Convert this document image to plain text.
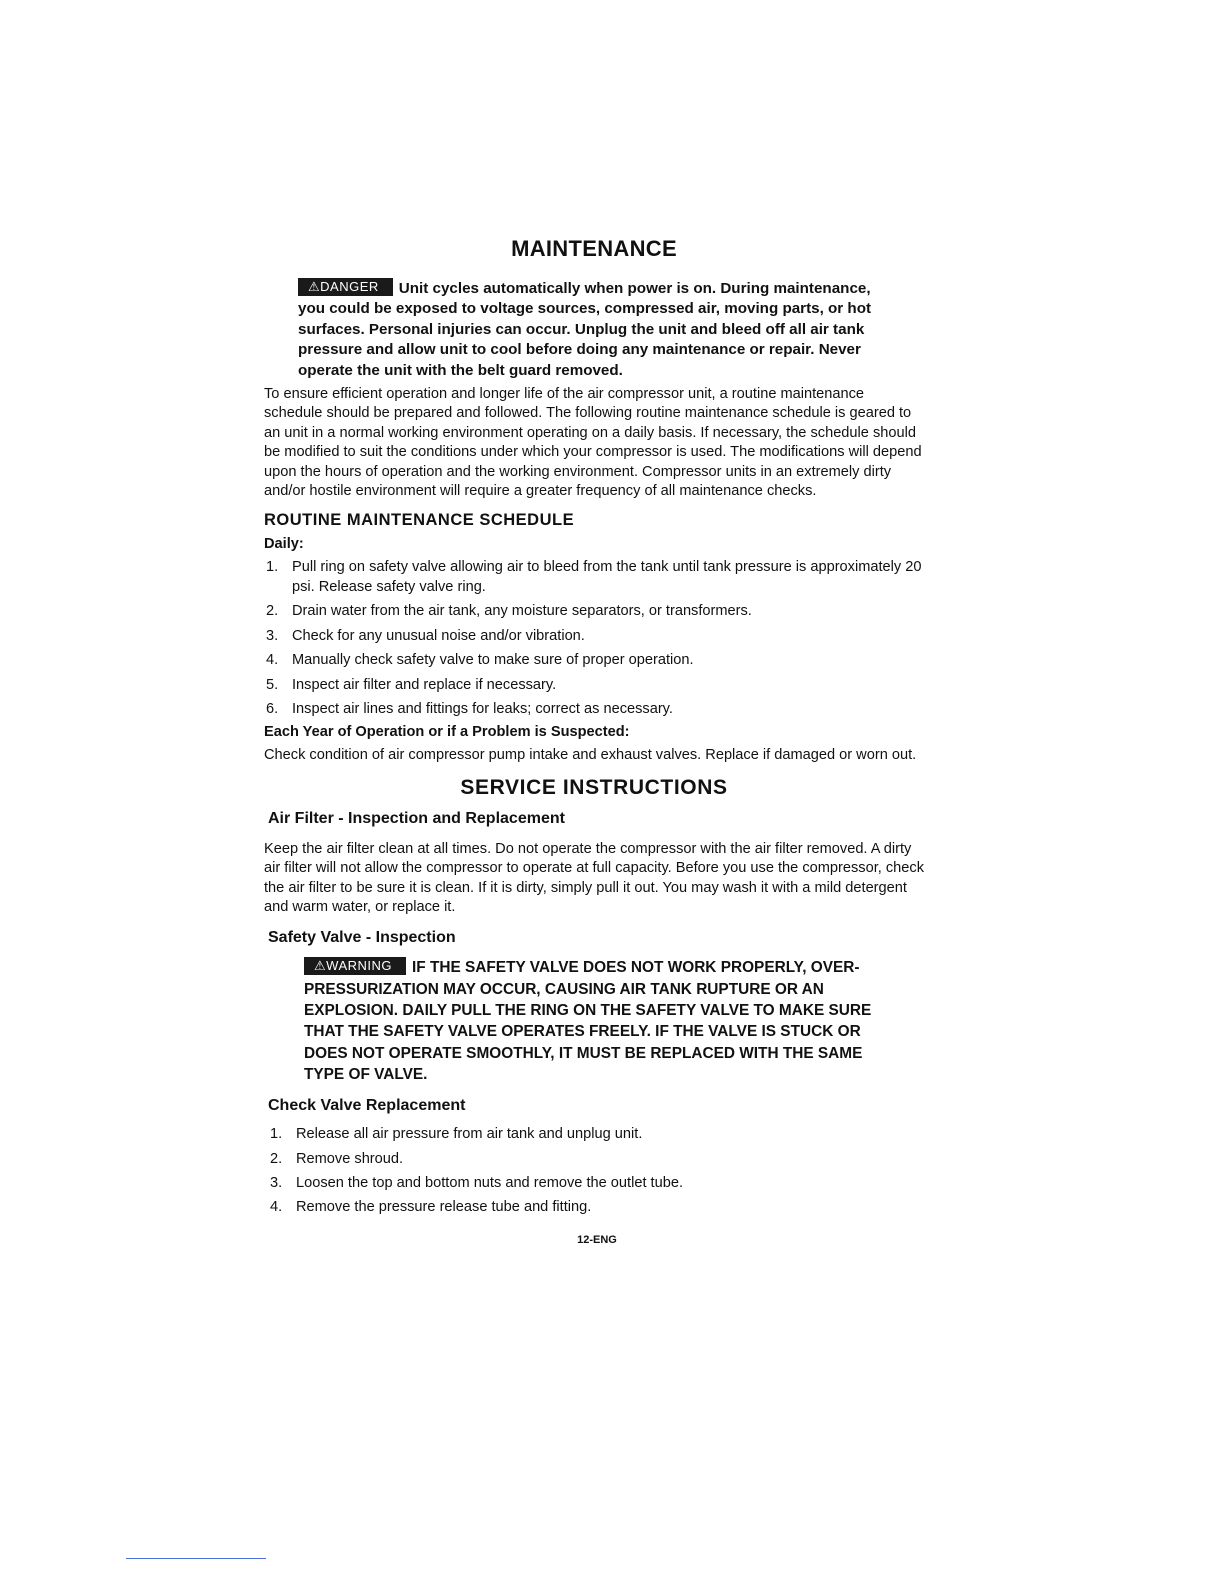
MAINTENANCE
⚠DANGER Unit cycles automatically when power is on. During maintenance, you could be exposed to voltage sources, compressed air, moving parts, or hot surfaces. Personal injuries can occur. Unplug the unit and bleed off all air tank pressure and allow unit to cool before doing any maintenance or repair. Never operate the unit with the belt guard removed.

To ensure efficient operation and longer life of the air compressor unit, a routine maintenance schedule should be prepared and followed. The following routine maintenance schedule is geared to an unit in a normal working environment operating on a daily basis. If necessary, the schedule should be modified to suit the conditions under which your compressor is used. The modifications will depend upon the hours of operation and the working environment. Compressor units in an extremely dirty and/or hostile environment will require a greater frequency of all maintenance checks.

ROUTINE MAINTENANCE SCHEDULE
Daily:
1. Pull ring on safety valve allowing air to bleed from the tank until tank pressure is approximately 20 psi. Release safety valve ring.
2. Drain water from the air tank, any moisture separators, or transformers.
3. Check for any unusual noise and/or vibration.
4. Manually check safety valve to make sure of proper operation.
5. Inspect air filter and replace if necessary.
6. Inspect air lines and fittings for leaks; correct as necessary.
Each Year of Operation or if a Problem is Suspected:

Check condition of air compressor pump intake and exhaust valves. Replace if damaged or worn out.

SERVICE INSTRUCTIONS
Air Filter - Inspection and Replacement

Keep the air filter clean at all times. Do not operate the compressor with the air filter removed. A dirty air filter will not allow the compressor to operate at full capacity. Before you use the compressor, check the air filter to be sure it is clean. If it is dirty, simply pull it out. You may wash it with a mild detergent and warm water, or replace it.

Safety Valve - Inspection
⚠WARNING IF THE SAFETY VALVE DOES NOT WORK PROPERLY, OVER-PRESSURIZATION MAY OCCUR, CAUSING AIR TANK RUPTURE OR AN EXPLOSION. DAILY PULL THE RING ON THE SAFETY VALVE TO MAKE SURE THAT THE SAFETY VALVE OPERATES FREELY. IF THE VALVE IS STUCK OR DOES NOT OPERATE SMOOTHLY, IT MUST BE REPLACED WITH THE SAME TYPE OF VALVE.
Check Valve Replacement
1. Release all air pressure from air tank and unplug unit.
2. Remove shroud.
3. Loosen the top and bottom nuts and remove the outlet tube.
4. Remove the pressure release tube and fitting.
12-ENG
